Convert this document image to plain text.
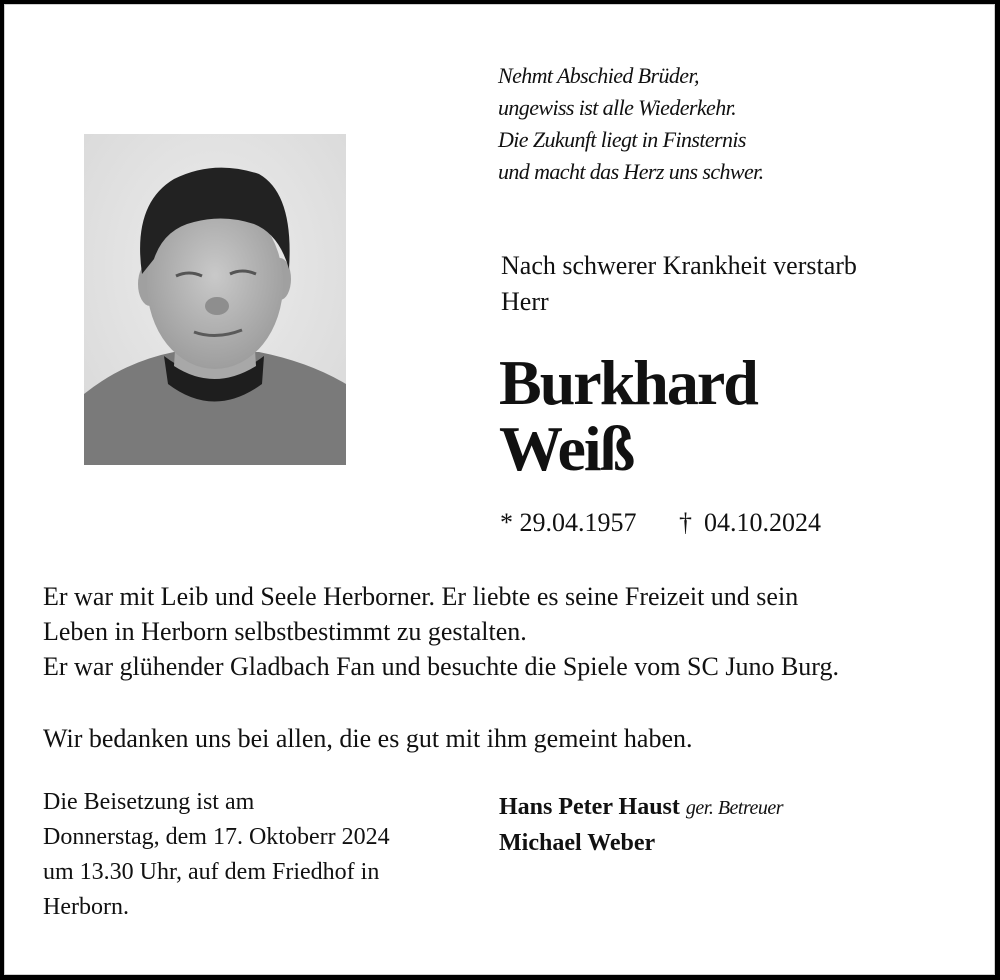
Nehmt Abschied Brüder,
ungewiss ist alle Wiederkehr.
Die Zukunft liegt in Finsternis
und macht das Herz uns schwer.
Nach schwerer Krankheit verstarb
Herr
Burkhard
Weiß
* 29.04.1957 † 04.10.2024
Er war mit Leib und Seele Herborner. Er liebte es seine Freizeit und sein
Leben in Herborn selbstbestimmt zu gestalten.
Er war glühender Gladbach Fan und besuchte die Spiele vom SC Juno Burg.
Wir bedanken uns bei allen, die es gut mit ihm gemeint haben.
Die Beisetzung ist am
Donnerstag, dem 17. Oktoberr 2024
um 13.30 Uhr, auf dem Friedhof in
Herborn.
Hans Peter Haust ger. Betreuer
Michael Weber
